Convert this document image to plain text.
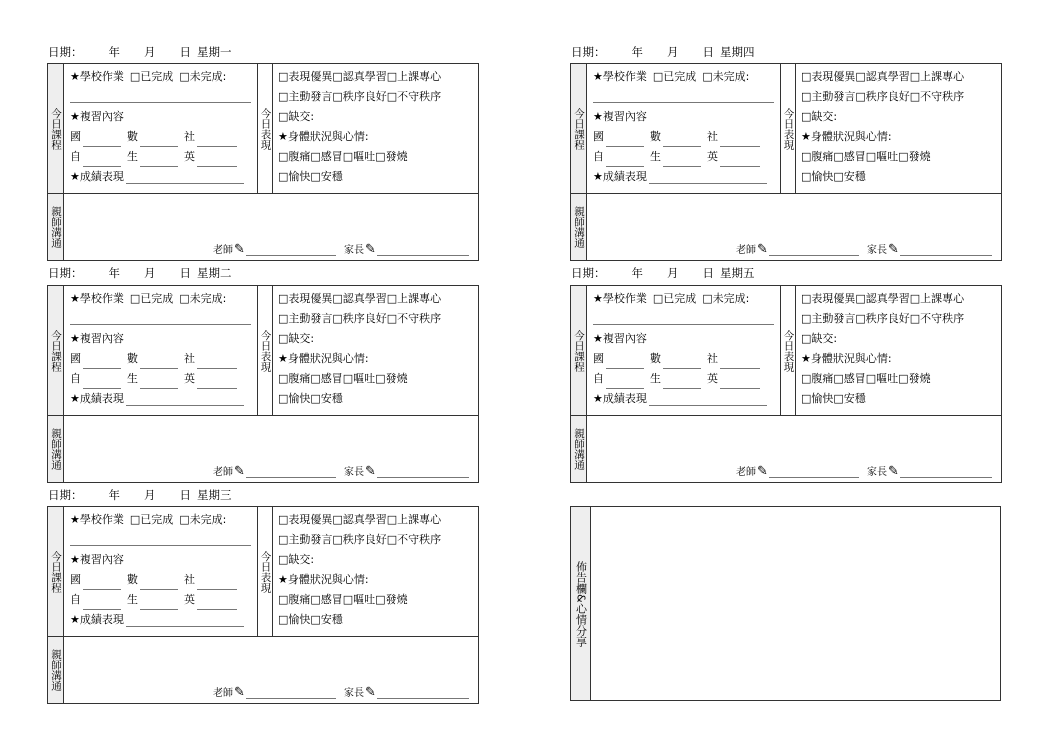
日期： 年 月 日 星期一
今日課程
★學校作業 □已完成 □未完成:
★複習內容
國	數	社
自	生	英
★成績表現
今日表現
□表現優異□認真學習□上課專心
□主動發言□秩序良好□不守秩序
□缺交:
★身體狀況與心情:
□腹痛□感冒□嘔吐□發燒
□愉快□安穩
親師溝通
老師 ✎	家長 ✎
日期： 年 月 日 星期二
今日課程
★學校作業 □已完成 □未完成:
★複習內容
國	數	社
自	生	英
★成績表現
今日表現
□表現優異□認真學習□上課專心
□主動發言□秩序良好□不守秩序
□缺交:
★身體狀況與心情:
□腹痛□感冒□嘔吐□發燒
□愉快□安穩
親師溝通
老師 ✎	家長 ✎
日期： 年 月 日 星期三
今日課程
★學校作業 □已完成 □未完成:
★複習內容
國	數	社
自	生	英
★成績表現
今日表現
□表現優異□認真學習□上課專心
□主動發言□秩序良好□不守秩序
□缺交:
★身體狀況與心情:
□腹痛□感冒□嘔吐□發燒
□愉快□安穩
親師溝通
老師 ✎	家長 ✎
日期： 年 月 日 星期四
今日課程
★學校作業 □已完成 □未完成:
★複習內容
國	數	社
自	生	英
★成績表現
今日表現
□表現優異□認真學習□上課專心
□主動發言□秩序良好□不守秩序
□缺交:
★身體狀況與心情:
□腹痛□感冒□嘔吐□發燒
□愉快□安穩
親師溝通
老師 ✎	家長 ✎
日期： 年 月 日 星期五
今日課程
★學校作業 □已完成 □未完成:
★複習內容
國	數	社
自	生	英
★成績表現
今日表現
□表現優異□認真學習□上課專心
□主動發言□秩序良好□不守秩序
□缺交:
★身體狀況與心情:
□腹痛□感冒□嘔吐□發燒
□愉快□安穩
親師溝通
老師 ✎	家長 ✎
佈告欄&心情分享
